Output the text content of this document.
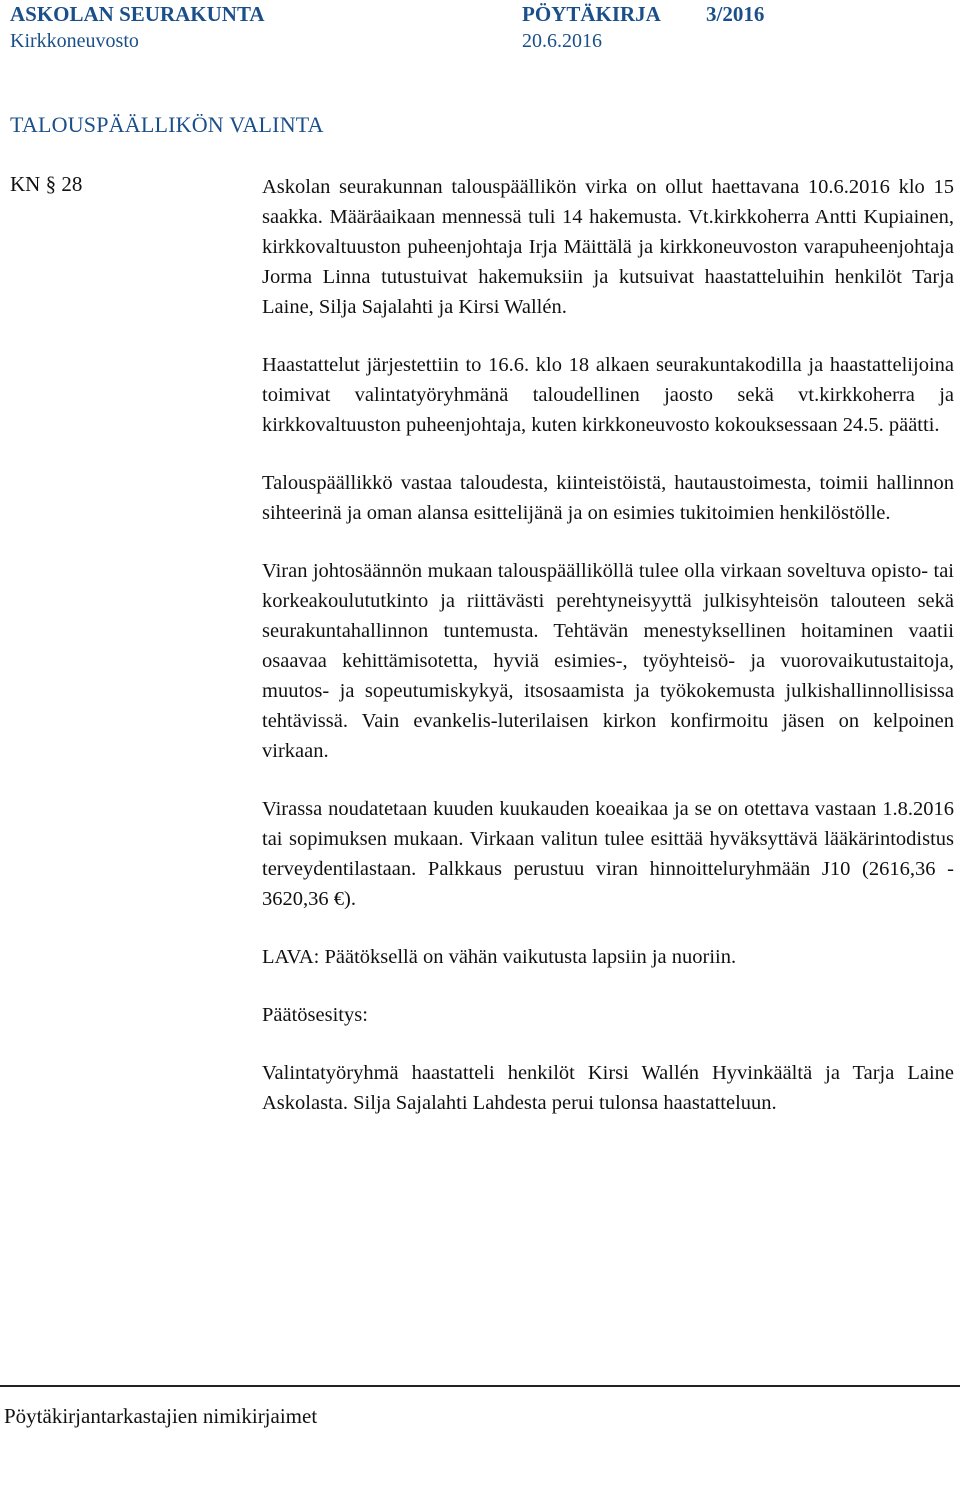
ASKOLAN SEURAKUNTA	PÖYTÄKIRJA 3/2016
Kirkkoneuvosto	20.6.2016
TALOUSPÄÄLLIKÖN VALINTA
KN § 28	Askolan seurakunnan talouspäällikön virka on ollut haettavana 10.6.2016 klo 15 saakka. Määräaikaan mennessä tuli 14 hakemusta. Vt.kirkkoherra Antti Kupiainen, kirkkovaltuuston puheenjohtaja Irja Mäittälä ja kirkkoneuvoston varapuheenjohtaja Jorma Linna tutustuivat hakemuksiin ja kutsuivat haastatteluihin henkilöt Tarja Laine, Silja Sajalahti ja Kirsi Wallén.

Haastattelut järjestettiin to 16.6. klo 18 alkaen seurakuntakodilla ja haastattelijoina toimivat valintatyöryhmänä taloudellinen jaosto sekä vt.kirkkoherra ja kirkkovaltuuston puheenjohtaja, kuten kirkkoneuvosto kokouksessaan 24.5. päätti.

Talouspäällikkö vastaa taloudesta, kiinteistöistä, hautaustoimesta, toimii hallinnon sihteerinä ja oman alansa esittelijänä ja on esimies tukitoimien henkilöstölle.

Viran johtosäännön mukaan talouspäälliköllä tulee olla virkaan soveltuva opisto- tai korkeakoulututkinto ja riittävästi perehtyneisyyttä julkisyhteisön talouteen sekä seurakuntahallinnon tuntemusta. Tehtävän menestyksellinen hoitaminen vaatii osaavaa kehittämisotetta, hyviä esimies-, työyhteisö- ja vuorovaikutustaitoja, muutos- ja sopeutumiskykyä, itsosaamista ja työkokemusta julkishallinnollisissa tehtävissä. Vain evankelis-luterilaisen kirkon konfirmoitu jäsen on kelpoinen virkaan.

Virassa noudatetaan kuuden kuukauden koeaikaa ja se on otettava vastaan 1.8.2016 tai sopimuksen mukaan. Virkaan valitun tulee esittää hyväksyttävä lääkärintodistus terveydentilastaan. Palkkaus perustuu viran hinnoitteluryhmään J10 (2616,36 - 3620,36 €).

LAVA: Päätöksellä on vähän vaikutusta lapsiin ja nuoriin.

Päätösesitys:

Valintatyöryhmä haastatteli henkilöt Kirsi Wallén Hyvinkäältä ja Tarja Laine Askolasta. Silja Sajalahti Lahdesta perui tulonsa haastatteluun.

Pöytäkirjantarkastajien nimikirjaimet
